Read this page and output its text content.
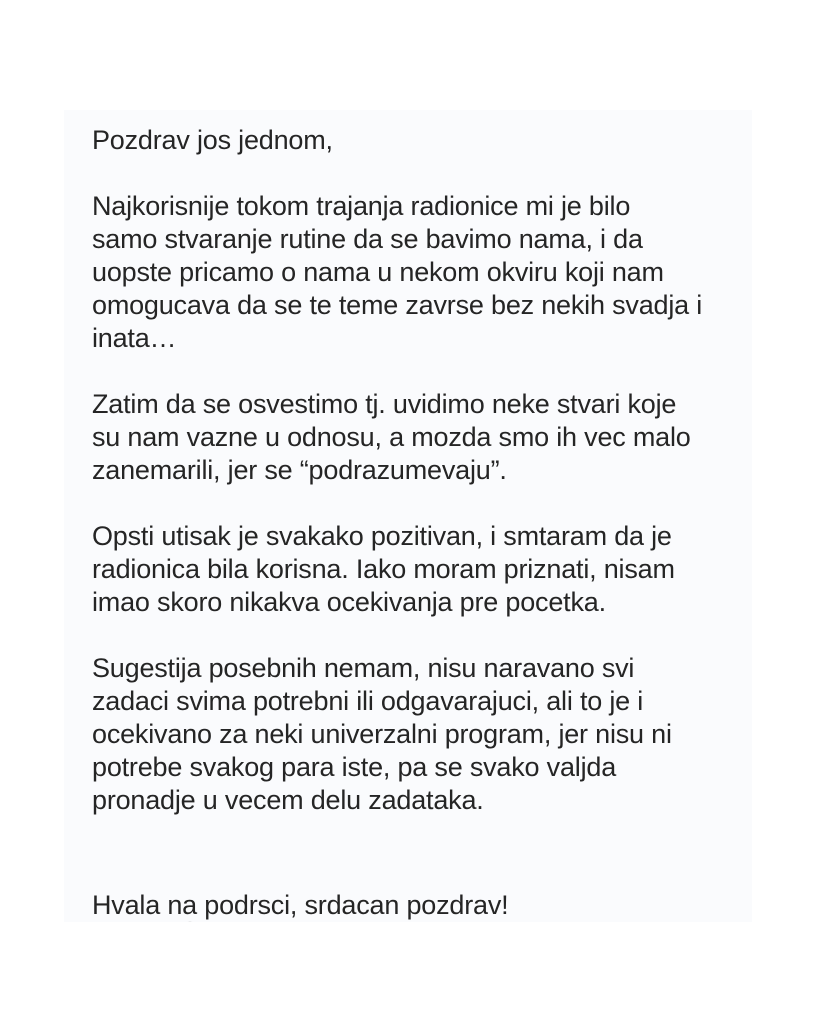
Pozdrav jos jednom,
Najkorisnije tokom trajanja radionice mi je bilo
samo stvaranje rutine da se bavimo nama, i da
uopste pricamo o nama u nekom okviru koji nam
omogucava da se te teme zavrse bez nekih svadja i
inata…
Zatim da se osvestimo tj. uvidimo neke stvari koje
su nam vazne u odnosu, a mozda smo ih vec malo
zanemarili, jer se “podrazumevaju”.
Opsti utisak je svakako pozitivan, i smtaram da je
radionica bila korisna. Iako moram priznati, nisam
imao skoro nikakva ocekivanja pre pocetka.
Sugestija posebnih nemam, nisu naravano svi
zadaci svima potrebni ili odgavarajuci, ali to je i
ocekivano za neki univerzalni program, jer nisu ni
potrebe svakog para iste, pa se svako valjda
pronadje u vecem delu zadataka.
Hvala na podrsci, srdacan pozdrav!
